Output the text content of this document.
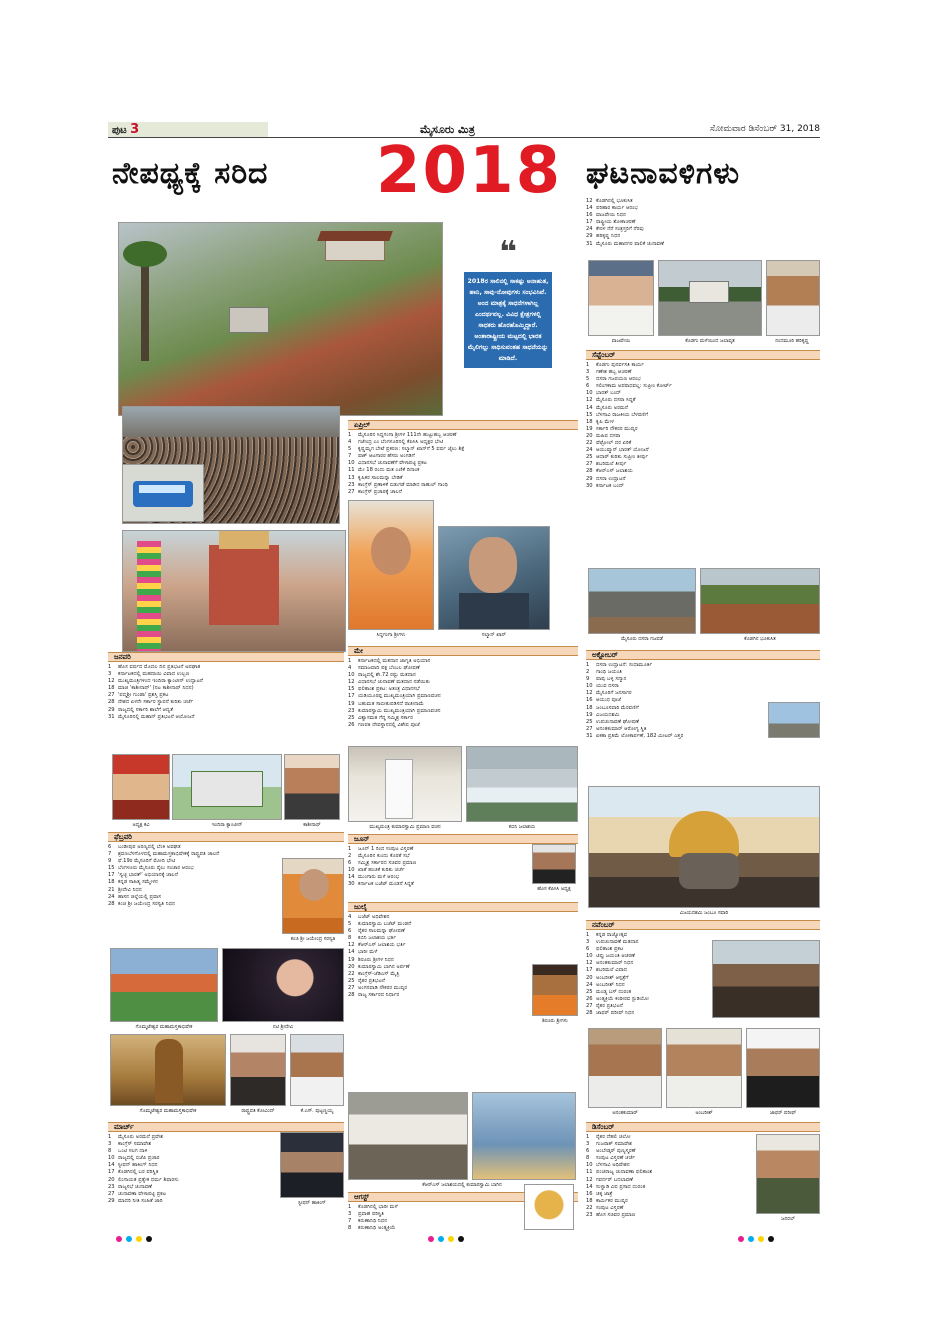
ಪುಟ 3	ಮೈಸೂರು ಮಿತ್ರ	ಸೋಮವಾರ ಡಿಸೆಂಬರ್ 31, 2018
ನೇಪಥ್ಯಕ್ಕೆ ಸರಿದ 2018 ಘಟನಾವಳಿಗಳು
❝
2018ರ ಸಾಲಿನಲ್ಲಿ ಸಾಕಷ್ಟು ಅನಾಹುತ, ಹಾನಿ, ಸಾವು-ನೋವುಗಳು ಸಂಭವಿಸಿವೆ. ಅಂದ ಮಾತ್ರಕ್ಕೆ ಸಾಧನೆಗಳಾಗಿಲ್ಲ ಎಂದರ್ಥವಲ್ಲ. ವಿವಿಧ ಕ್ಷೇತ್ರಗಳಲ್ಲಿ ಸಾಧಕರು ಹೊರಹೊಮ್ಮಿದ್ದಾರೆ. ಅಂತಾರಾಷ್ಟ್ರೀಯ ಮಟ್ಟದಲ್ಲಿ ಭಾರತ ಮೈಲಿಗಲ್ಲು ಸಾಧಿಸುವಂತಹ ಸಾಧನೆಯನ್ನು ಮಾಡಿದೆ.
ಏಪ್ರಿಲ್
1 ಮೈಸೂರಿನ ಸಿದ್ದಗಂಗಾ ಶ್ರೀಗಳ 111ನೇ ಹುಟ್ಟುಹಬ್ಬ ಆಚರಣೆ
4 ಗಜೇಂದ್ರ ಎಂ ಬೆಂಗಳೂರಿನಲ್ಲಿ ಕೆಪಿಸಿಸಿ ಅಧ್ಯಕ್ಷರ ಭೇಟಿ
5 ಕೃಷ್ಣಮೃಗ ಬೇಟೆ ಪ್ರಕರಣ: ಸಲ್ಮಾನ್ ಖಾನ್‌ಗೆ 5 ವರ್ಷ ಜೈಲು ಶಿಕ್ಷೆ
7 ಪಾಕ್ ಆಟಗಾರರ ಹೆಸರು ಅಂಗಡಿಗೆ
10 ವಿಧಾನಸಭೆ ಚುನಾವಣೆಗೆ ವೇಳಾಪಟ್ಟಿ ಪ್ರಕಟ
11 ಮೇ 18 ರಂದು ಮತ ಎಣಿಕೆ ದಿನಾಂಕ
13 ಕೃಷಿಕರ ಸಾಲಮನ್ನಾ ಬೇಡಿಕೆ
23 ಕಾಂಗ್ರೆಸ್ ಪ್ರಣಾಳಿಕೆ ಬಿಡುಗಡೆ ಮಾಡಿದ ರಾಹುಲ್ ಗಾಂಧಿ
27 ಕಾಂಗ್ರೆಸ್ ಪ್ರಚಾರಕ್ಕೆ ಚಾಲನೆ
ಸಿದ್ದಗಂಗಾ ಶ್ರೀಗಳು	ಸಲ್ಮಾನ್ ಖಾನ್
ಜನವರಿ
1 ಹೊಸ ವರ್ಷದ ಮೊದಲ ದಿನ ಪ್ರತಿಭಟನೆ ಅಪಘಾತ
3 ಕರ್ನಾಟಕದಲ್ಲಿ ಮಹದಾಯಿ ವಿವಾದ ಉಲ್ಬಣ
12 ಮುಖ್ಯಮಂತ್ರಿಗಳಿಂದ ಇಂದಿರಾ ಕ್ಯಾಂಟೀನ್ ಉದ್ಘಾಟನೆ
18 ಮಾಜಿ 'ಕಾಶೀನಾಥ್' (ನಟ ಕಾಶೀನಾಥ್ ನಿಧನ)
27 'ಪದ್ಮಶ್ರೀ ಗುಂಡಾ' ಪ್ರಶಸ್ತಿ ಪ್ರಕಟ
28 ದೇಶದ ಏಳನೇ ಸರ್ಕಾರ ಸ್ಥಾಪನೆ ಕುರಿತು ಚರ್ಚೆ
29 ರಾಜ್ಯದಲ್ಲಿ ಸರ್ಕಾರಿ ಶಾಲೆಗೆ ಆದ್ಯತೆ
31 ಮೈಸೂರಿನಲ್ಲಿ ಮಹಾನ್ ಪ್ರತಿಭಟನೆ ಆಯೋಜನೆ
ಅಧ್ಯಕ್ಷ ಕವಿ	ಇಂದಿರಾ ಕ್ಯಾಂಟೀನ್	ಕಾಶೀನಾಥ್
ಮೇ
1 ಕರ್ನಾಟಕದಲ್ಲಿ ಮತದಾನ ಜಾಗೃತಿ ಅಭಿಯಾನ
4 ಸಮಾಜವಾದಿ ಪಕ್ಷ ಬೆಂಬಲ ಘೋಷಣೆ
10 ರಾಜ್ಯದಲ್ಲಿ ಶೇ.72 ರಷ್ಟು ಮತದಾನ
12 ವಿಧಾನಸಭೆ ಚುನಾವಣೆ ಮತದಾನ ನಡೆಯಿತು
15 ಫಲಿತಾಂಶ ಪ್ರಕಟ: ಅತಂತ್ರ ವಿಧಾನಸಭೆ
17 ಯಡಿಯೂರಪ್ಪ ಮುಖ್ಯಮಂತ್ರಿಯಾಗಿ ಪ್ರಮಾಣವಚನ
19 ಬಹುಮತ ಸಾಬೀತುಪಡಿಸದೆ ರಾಜೀನಾಮೆ
23 ಕುಮಾರಸ್ವಾಮಿ ಮುಖ್ಯಮಂತ್ರಿಯಾಗಿ ಪ್ರಮಾಣವಚನ
25 ವಿಶ್ವಾಸಮತ ಗೆದ್ದ ಸಮ್ಮಿಶ್ರ ಸರ್ಕಾರ
26 ಗಣಪತಿ ದೇವಸ್ಥಾನದಲ್ಲಿ ವಿಶೇಷ ಪೂಜೆ
ಮುಖ್ಯಮಂತ್ರಿ ಕುಮಾರಸ್ವಾಮಿ ಪ್ರಮಾಣ ವಚನ	ಕಬಿನಿ ಜಲಾಶಯ
ಫೆಬ್ರವರಿ
6 ಬಂಡೀಪುರ ಅರಣ್ಯದಲ್ಲಿ ಬೆಂಕಿ ಅವಘಡ
7 ಶ್ರವಣಬೆಳಗೊಳದಲ್ಲಿ ಮಹಾಮಸ್ತಕಾಭಿಷೇಕಕ್ಕೆ ರಾಷ್ಟ್ರಪತಿ ಚಾಲನೆ
9 ಫೆ.19ರ ಮೈಸೂರಿಗೆ ಮೋದಿ ಭೇಟಿ
15 ಬೆಂಗಳೂರು ಮೈಸೂರು ರೈಲು ಸಂಚಾರ ಆರಂಭ
17 'ಸ್ವಚ್ಛ ಭಾರತ್' ಅಭಿಯಾನಕ್ಕೆ ಚಾಲನೆ
18 ಕನ್ನಡ ಸಾಹಿತ್ಯ ಸಮ್ಮೇಳನ
21 ಶ್ರೀದೇವಿ ನಿಧನ
24 ಹಾಸನ ಜಿಲ್ಲೆಯಲ್ಲಿ ಪ್ರವಾಸ
28 ಕಂಚಿ ಶ್ರೀ ಜಯೇಂದ್ರ ಸರಸ್ವತಿ ನಿಧನ
ಕಂಚಿ ಶ್ರೀ ಜಯೇಂದ್ರ ಸರಸ್ವತಿ
ಗೊಮ್ಮಟೇಶ್ವರ ಮಹಾಮಸ್ತಕಾಭಿಷೇಕ	ನಟಿ ಶ್ರೀದೇವಿ
ಗೊಮ್ಮಟೇಶ್ವರ ಮಹಾಮಸ್ತಕಾಭಿಷೇಕ	ರಾಷ್ಟ್ರಪತಿ ಕೋವಿಂದ್	ಕೆ.ಎಸ್. ಪುಟ್ಟಣ್ಣಯ್ಯ
ಮಾರ್ಚ್
1 ಮೈಸೂರು ಅರಮನೆ ಪ್ರವೇಶ
3 ಕಾಂಗ್ರೆಸ್ ಸಮಾವೇಶ
8 ಒಂಟಿ ಸಲಗ ದಾಳಿ
10 ರಾಜ್ಯದಲ್ಲಿ ಬಿಜೆಪಿ ಪ್ರಚಾರ
14 ಸ್ಟೀಫನ್ ಹಾಕಿಂಗ್ ನಿಧನ
17 ಕೊಡಗಿನಲ್ಲಿ ಬರ ಪರಿಸ್ಥಿತಿ
20 ಲಿಂಗಾಯತ ಪ್ರತ್ಯೇಕ ಧರ್ಮ ಶಿಫಾರಸು
23 ರಾಜ್ಯಸಭೆ ಚುನಾವಣೆ
27 ಚುನಾವಣಾ ವೇಳಾಪಟ್ಟಿ ಪ್ರಕಟ
29 ಮಾದರಿ ನೀತಿ ಸಂಹಿತೆ ಜಾರಿ	ಸ್ಟೀಫನ್ ಹಾಕಿಂಗ್
ಜೂನ್
1 ಜೂನ್ 1 ರಿಂದ ಸಂಪುಟ ವಿಸ್ತರಣೆ
2 ಮೈಸೂರಿನ ಕುಂದು ಕೊರತೆ ಸಭೆ
6 ಸಮ್ಮಿಶ್ರ ಸರ್ಕಾರದ ಸಚಿವರ ಪ್ರಮಾಣ
10 ಖಾತೆ ಹಂಚಿಕೆ ಕುರಿತು ಚರ್ಚೆ
14 ಮುಂಗಾರು ಮಳೆ ಆರಂಭ
30 ಕರ್ನಾಟಕ ಬಜೆಟ್ ಮಂಡನೆ ಸಿದ್ಧತೆ
ಹೊಸ ಕೆಪಿಸಿಸಿ ಅಧ್ಯಕ್ಷ
ಜುಲೈ
4 ಬಜೆಟ್ ಅಧಿವೇಶನ
5 ಕುಮಾರಸ್ವಾಮಿ ಬಜೆಟ್ ಮಂಡನೆ
6 ರೈತರ ಸಾಲಮನ್ನಾ ಘೋಷಣೆ
8 ಕಬಿನಿ ಜಲಾಶಯ ಭರ್ತಿ
12 ಕೆಆರ್‌ಎಸ್ ಜಲಾಶಯ ಭರ್ತಿ
14 ಭಾರೀ ಮಳೆ
19 ಶಿರೂರು ಶ್ರೀಗಳ ನಿಧನ
20 ಕುಮಾರಸ್ವಾಮಿ ಬಾಗಿನ ಅರ್ಪಣೆ
22 ಕಾಂಗ್ರೆಸ್-ಜೆಡಿಎಸ್ ಮೈತ್ರಿ
25 ರೈತರ ಪ್ರತಿಭಟನೆ
27 ಅಂಗನವಾಡಿ ನೌಕರರ ಮುಷ್ಕರ
28 ರಾಜ್ಯ ಸರ್ಕಾರದ ನಿರ್ಧಾರ
ಶಿರೂರು ಶ್ರೀಗಳು
ಕೆಆರ್‌ಎಸ್ ಜಲಾಶಯದಲ್ಲಿ ಕುಮಾರಸ್ವಾಮಿ ಬಾಗಿನ
ಆಗಸ್ಟ್
1 ಕೊಡಗಿನಲ್ಲಿ ಭಾರೀ ಮಳೆ
3 ಪ್ರವಾಹ ಪರಿಸ್ಥಿತಿ
7 ಕರುಣಾನಿಧಿ ನಿಧನ
8 ಕರುಣಾನಿಧಿ ಅಂತ್ಯಕ್ರಿಯೆ
12 ಕೊಡಗಿನಲ್ಲಿ ಭೂಕುಸಿತ
14 ಪರಿಹಾರ ಕಾರ್ಯ ಆರಂಭ
16 ವಾಜಪೇಯಿ ನಿಧನ
17 ರಾಷ್ಟ್ರೀಯ ಶೋಕಾಚರಣೆ
24 ಕೇರಳ ನೆರೆ ಸಂತ್ರಸ್ತರಿಗೆ ನೆರವು
29 ಹರಿಕೃಷ್ಣ ನಿಧನ
31 ಮೈಸೂರು ಮಹಾನಗರ ಪಾಲಿಕೆ ಚುನಾವಣೆ
ವಾಜಪೇಯಿ	ಕೊಡಗು ಮಳೆಯಿಂದ ಜಲಾವೃತ	ನಂದಮೂರಿ ಹರಿಕೃಷ್ಣ
ಸೆಪ್ಟೆಂಬರ್
1 ಕೊಡಗು ಪುನರ್ವಸತಿ ಕಾರ್ಯ
3 ಗಣೇಶ ಹಬ್ಬ ಆಚರಣೆ
5 ದಸರಾ ಗಜಪಯಣ ಆರಂಭ
6 ಸಲಿಂಗಕಾಮ ಅಪರಾಧವಲ್ಲ: ಸುಪ್ರೀಂ ಕೋರ್ಟ್
10 ಭಾರತ್ ಬಂದ್
12 ಮೈಸೂರು ದಸರಾ ಸಿದ್ಧತೆ
14 ಮೈಸೂರು ಅರಮನೆ
15 ಬೆಳಗಾವಿ ರಾಜಕೀಯ ಬೆಳವಣಿಗೆ
18 ಕೃಷಿ ಮೇಳ
19 ಸರ್ಕಾರಿ ನೌಕರರ ಮುಷ್ಕರ
20 ಮಹಿಷ ದಸರಾ
22 ಪೆಟ್ರೋಲ್ ದರ ಏರಿಕೆ
24 ಆಯುಷ್ಮಾನ್ ಭಾರತ್ ಯೋಜನೆ
25 ಆಧಾರ್ ಕುರಿತು ಸುಪ್ರೀಂ ತೀರ್ಪು
27 ಶಬರಿಮಲೆ ತೀರ್ಪು
28 ಕೆಆರ್‌ಎಸ್ ಜಲಾಶಯ
29 ದಸರಾ ಉದ್ಘಾಟನೆ
30 ಕರ್ನಾಟಕ ಬಂದ್
ಮೈಸೂರು ದಸರಾ ಗಜಪಡೆ	ಕೊಡಗಿನ ಭೂಕುಸಿತ
ಅಕ್ಟೋಬರ್
1 ದಸರಾ ಉದ್ಘಾಟನೆ: ಸುಧಾಮೂರ್ತಿ
2 ಗಾಂಧಿ ಜಯಂತಿ
9 ಪಾಪು ಬಳ್ಳಿ ಸನ್ಮಾನ
10 ಯುವ ದಸರಾ
12 ಮೈಸೂರಿಗೆ ಜನಸಾಗರ
16 ಆಯುಧ ಪೂಜೆ
18 ಜಂಬೂಸವಾರಿ ಮೆರವಣಿಗೆ
19 ವಿಜಯದಶಮಿ
25 ಉಪಚುನಾವಣೆ ಘೋಷಣೆ
27 ಅನಂತಕುಮಾರ್ ಆರೋಗ್ಯ ಸ್ಥಿತಿ
31 ಏಕತಾ ಪ್ರತಿಮೆ ಲೋಕಾರ್ಪಣೆ, 182 ಮೀಟರ್ ಎತ್ತರ
ವಿಜಯದಶಮಿ ಜಂಬೂ ಸವಾರಿ
ನವೆಂಬರ್
1 ಕನ್ನಡ ರಾಜ್ಯೋತ್ಸವ
3 ಉಪಚುನಾವಣೆ ಮತದಾನ
6 ಫಲಿತಾಂಶ ಪ್ರಕಟ
10 ಟಿಪ್ಪು ಜಯಂತಿ ಆಚರಣೆ
12 ಅನಂತಕುಮಾರ್ ನಿಧನ
17 ಶಬರಿಮಲೆ ವಿವಾದ
20 ಅಂಬರೀಶ್ ಆಸ್ಪತ್ರೆಗೆ
24 ಅಂಬರೀಶ್ ನಿಧನ
25 ಮಂಡ್ಯ ಬಸ್ ದುರಂತ
26 ಅಂತ್ಯಕ್ರಿಯೆ ಕಂಠೀರವ ಸ್ಟುಡಿಯೋ
27 ರೈತರ ಪ್ರತಿಭಟನೆ
28 ಜಾಫರ್ ಷರೀಫ್ ನಿಧನ
ಅನಂತಕುಮಾರ್	ಅಂಬರೀಶ್	ಜಾಫರ್ ಷರೀಫ್
ಡಿಸೆಂಬರ್
1 ರೈತರ ದೆಹಲಿ ಚಲೋ
3 ಗುಜರಾತ್ ಸಮಾವೇಶ
6 ಅಂಬೇಡ್ಕರ್ ಪುಣ್ಯಸ್ಮರಣೆ
8 ಸಂಪುಟ ವಿಸ್ತರಣೆ ಚರ್ಚೆ
10 ಬೆಳಗಾವಿ ಅಧಿವೇಶನ
11 ಪಂಚರಾಜ್ಯ ಚುನಾವಣಾ ಫಲಿತಾಂಶ
12 ಗವರ್ನರ್ ಬದಲಾವಣೆ
14 ಸುಳ್ವಾಡಿ ವಿಷ ಪ್ರಸಾದ ದುರಂತ
16 ಚಿಕ್ಕ ಜಾತ್ರೆ
18 ಕಾರ್ಮಿಕರ ಮುಷ್ಕರ
22 ಸಂಪುಟ ವಿಸ್ತರಣೆ
23 ಹೊಸ ಸಚಿವರ ಪ್ರಮಾಣ
ಜನರಲ್
